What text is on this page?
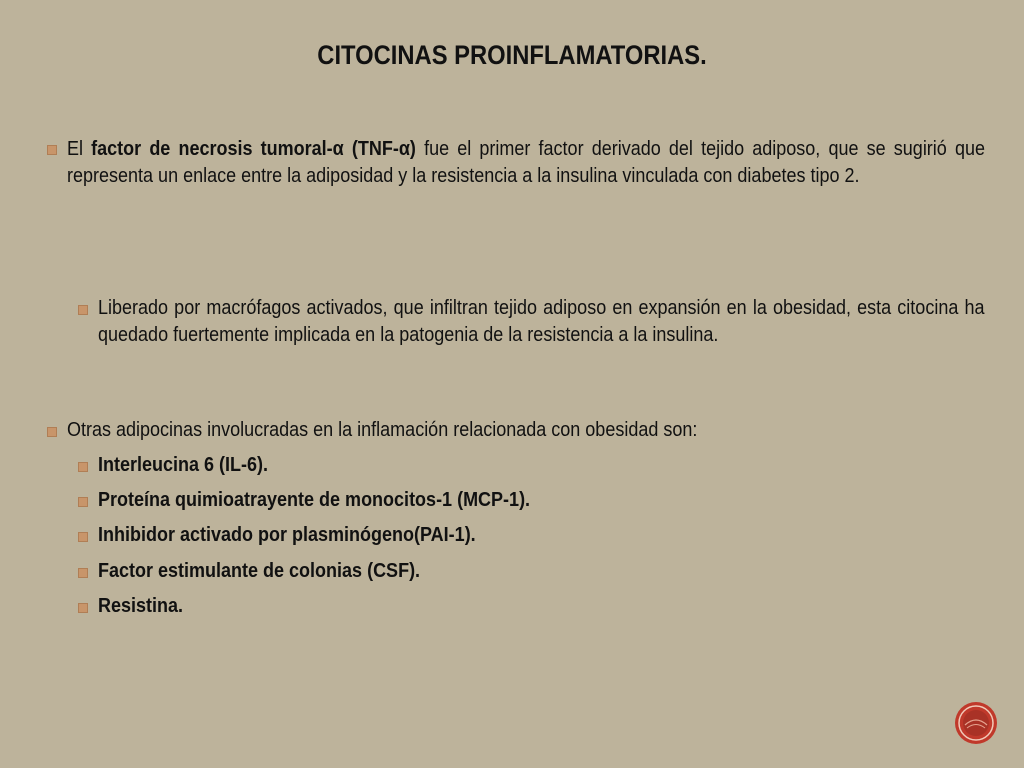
CITOCINAS PROINFLAMATORIAS.
El factor de necrosis tumoral-α (TNF-α) fue el primer factor derivado del tejido adiposo, que se sugirió que representa un enlace entre la adiposidad y la resistencia a la insulina vinculada con diabetes tipo 2.
Liberado por macrófagos activados, que infiltran tejido adiposo en expansión en la obesidad, esta citocina ha quedado fuertemente implicada en la patogenia de la resistencia a la insulina.
Otras adipocinas involucradas en la inflamación relacionada con obesidad son:
Interleucina 6 (IL-6).
Proteína quimioatrayente de monocitos-1 (MCP-1).
Inhibidor activado por plasminógeno(PAI-1).
Factor estimulante de colonias (CSF).
Resistina.
